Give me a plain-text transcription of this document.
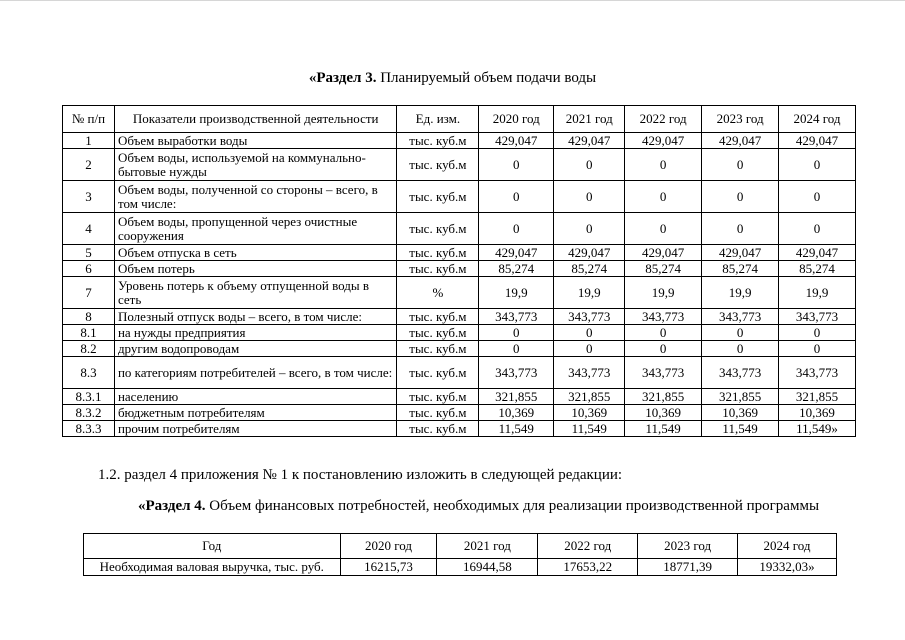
«Раздел 3. Планируемый объем подачи воды
№ п/п	Показатели производственной деятельности	Ед. изм.	2020 год	2021 год	2022 год	2023 год	2024 год
1	Объем выработки воды	тыс. куб.м	429,047	429,047	429,047	429,047	429,047
2	Объем воды, используемой на коммунально-бытовые нужды	тыс. куб.м	0	0	0	0	0
3	Объем воды, полученной со стороны – всего, в том числе:	тыс. куб.м	0	0	0	0	0
4	Объем воды, пропущенной через очистные сооружения	тыс. куб.м	0	0	0	0	0
5	Объем отпуска в сеть	тыс. куб.м	429,047	429,047	429,047	429,047	429,047
6	Объем потерь	тыс. куб.м	85,274	85,274	85,274	85,274	85,274
7	Уровень потерь к объему отпущенной воды в сеть	%	19,9	19,9	19,9	19,9	19,9
8	Полезный отпуск воды – всего, в том числе:	тыс. куб.м	343,773	343,773	343,773	343,773	343,773
8.1	на нужды предприятия	тыс. куб.м	0	0	0	0	0
8.2	другим водопроводам	тыс. куб.м	0	0	0	0	0
8.3	по категориям потребителей – всего, в том числе:	тыс. куб.м	343,773	343,773	343,773	343,773	343,773
8.3.1	населению	тыс. куб.м	321,855	321,855	321,855	321,855	321,855
8.3.2	бюджетным потребителям	тыс. куб.м	10,369	10,369	10,369	10,369	10,369
8.3.3	прочим потребителям	тыс. куб.м	11,549	11,549	11,549	11,549	11,549»
1.2. раздел 4 приложения № 1 к постановлению изложить в следующей редакции:
«Раздел 4. Объем финансовых потребностей, необходимых для реализации производственной программы
Год	2020 год	2021 год	2022 год	2023 год	2024 год
Необходимая валовая выручка, тыс. руб.	16215,73	16944,58	17653,22	18771,39	19332,03»
